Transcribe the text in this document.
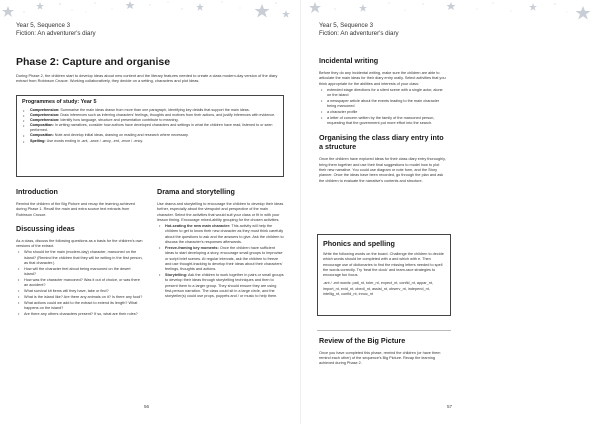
Year 5, Sequence 3
Fiction: An adventurer's diary
Phase 2: Capture and organise
During Phase 2, the children start to develop ideas about new content and the literary features needed to create a class modern-day version of the diary extract from Robinson Crusoe. Working collaboratively, they decide on a setting, characters and plot ideas.
Programmes of study: Year 5
• Comprehension: Summarise the main ideas drawn from more than one paragraph, identifying key details that support the main ideas.
• Comprehension: Draw inferences such as inferring characters' feelings, thoughts and motives from their actions, and justify inferences with evidence.
• Comprehension: Identify how language, structure and presentation contribute to meaning.
• Composition: In writing narratives, consider how authors have developed characters and settings in what the children have read, listened to or seen performed.
• Composition: Note and develop initial ideas, drawing on reading and research where necessary.
• Spelling: Use words ending in -ant, -ance / -ancy, -ent, -ence / -ency.
Introduction
Remind the children of the Big Picture and recap the learning achieved during Phase 1. Recall the main and extra source text extracts from Robinson Crusoe.
Discussing ideas
As a class, discuss the following questions as a basis for the children's own versions of the extract.
• Who should be the main (modern-day) character, marooned on the island? (Remind the children that they will be writing in the first person, as that character.)
• How will the character feel about being marooned on the desert island?
• How was the character marooned? Was it out of choice, or was there an accident?
• What survival kit items will they have, take or find?
• What is the island like? Are there any animals on it? Is there any food?
• What actions could we add to the extract to extend its length? What happens on the island?
• Are there any others characters present? If so, what are their roles?
Drama and storytelling
Use drama and storytelling to encourage the children to develop their ideas further, especially about the viewpoint and perspective of the main character. Select the activities that would suit your class or fit in with your lesson timing. Encourage mixed-ability grouping for the chosen activities.
• Hot-seating the new main character: This activity will help the children to get to know their new character as they must think carefully about the questions to ask and the answers to give. Ask the children to discuss the character's responses afterwards.
• Freeze-framing key moments: Once the children have sufficient ideas to start developing a story, encourage small groups to improvise or script brief scenes. At regular intervals, ask the children to freeze and use thought-tracking to develop their ideas about their characters' feelings, thoughts and actions.
• Storytelling: Ask the children to work together in pairs or small groups to develop their ideas through storytelling techniques and then to present them to a larger group. They should ensure they are using first-person narration. The class could sit in a large circle, and the storyteller(s) could use props, puppets and / or music to help them.
56
Year 5, Sequence 3
Fiction: An adventurer's diary
Incidental writing
Before they do any incidental writing, make sure the children are able to articulate the main ideas for their diary entry orally. Select activities that you think appropriate for the abilities and interests of your class:
• extended stage directions for a silent scene with a single actor, alone on the island
• a newspaper article about the events leading to the main character being marooned
• a character profile
• a letter of concern written by the family of the marooned person, requesting that the government put more effort into the search.
Organising the class diary entry into a structure
Once the children have explored ideas for their class diary entry thoroughly, bring them together and use their final suggestions to model how to plot their new narrative. You could use diagram or note form, and the Story planner. Once the ideas have been recorded, go through the plan and ask the children to evaluate the narrative's contents and structure.
Phonics and spelling
Write the following words on the board. Challenge the children to decide which words should be completed with a and which with e. Then encourage use of dictionaries to find the missing letters needed to spell the words correctly. Try 'beat the clock' and team-race strategies to encourage fun focus.
-ant / -ent words: pati_nt, toler_nt, expect_nt, confid_nt, appar_nt, import_nt, evid_nt, obedi_nt, assist_nt, observ_nt, independ_nt, intellig_nt, confid_nt, innoc_nt
Review of the Big Picture
Once you have completed this phase, remind the children (or have them remind each other) of the sequence's Big Picture. Recap the learning achieved during Phase 2.
57
